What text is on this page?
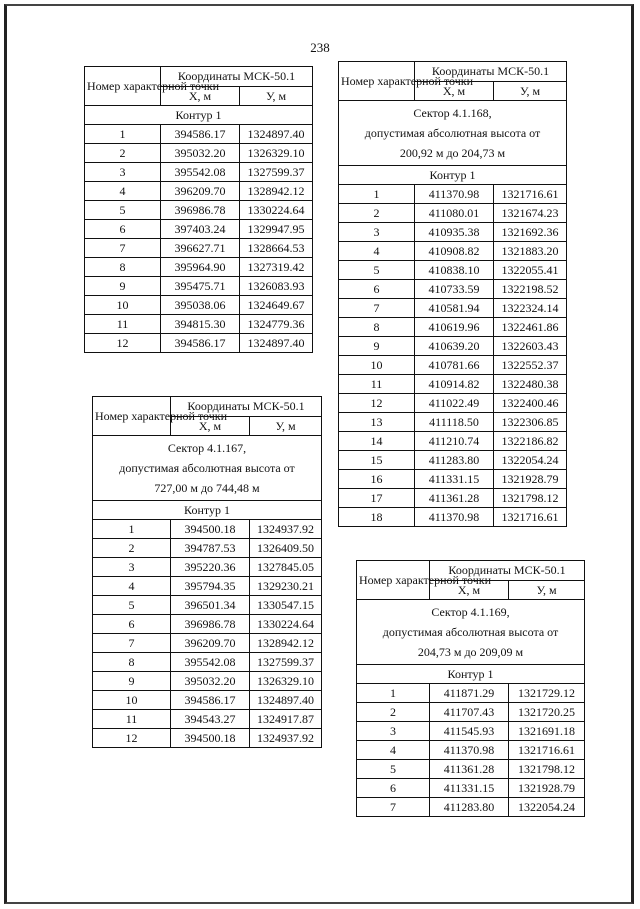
238
Номер характерной точки	Координаты МСК-50.1	
	Х, м	У, м
Контур 1		
1	394586.17	1324897.40
2	395032.20	1326329.10
3	395542.08	1327599.37
4	396209.70	1328942.12
5	396986.78	1330224.64
6	397403.24	1329947.95
7	396627.71	1328664.53
8	395964.90	1327319.42
9	395475.71	1326083.93
10	395038.06	1324649.67
11	394815.30	1324779.36
12	394586.17	1324897.40
Номер характерной точки	Координаты МСК-50.1	
	Х, м	У, м

Сектор 4.1.167,
допустимая абсолютная высота от
727,00 м до 744,48 м		

Контур 1		
1	394500.18	1324937.92
2	394787.53	1326409.50
3	395220.36	1327845.05
4	395794.35	1329230.21
5	396501.34	1330547.15
6	396986.78	1330224.64
7	396209.70	1328942.12
8	395542.08	1327599.37
9	395032.20	1326329.10
10	394586.17	1324897.40
11	394543.27	1324917.87
12	394500.18	1324937.92
Номер характерной точки	Координаты МСК-50.1	
	Х, м	У, м

Сектор 4.1.168,
допустимая абсолютная высота от
200,92 м до 204,73 м		

Контур 1		
1	411370.98	1321716.61
2	411080.01	1321674.23
3	410935.38	1321692.36
4	410908.82	1321883.20
5	410838.10	1322055.41
6	410733.59	1322198.52
7	410581.94	1322324.14
8	410619.96	1322461.86
9	410639.20	1322603.43
10	410781.66	1322552.37
11	410914.82	1322480.38
12	411022.49	1322400.46
13	411118.50	1322306.85
14	411210.74	1322186.82
15	411283.80	1322054.24
16	411331.15	1321928.79
17	411361.28	1321798.12
18	411370.98	1321716.61
Номер характерной точки	Координаты МСК-50.1	
	Х, м	У, м

Сектор 4.1.169,
допустимая абсолютная высота от
204,73 м до 209,09 м		

Контур 1		
1	411871.29	1321729.12
2	411707.43	1321720.25
3	411545.93	1321691.18
4	411370.98	1321716.61
5	411361.28	1321798.12
6	411331.15	1321928.79
7	411283.80	1322054.24
